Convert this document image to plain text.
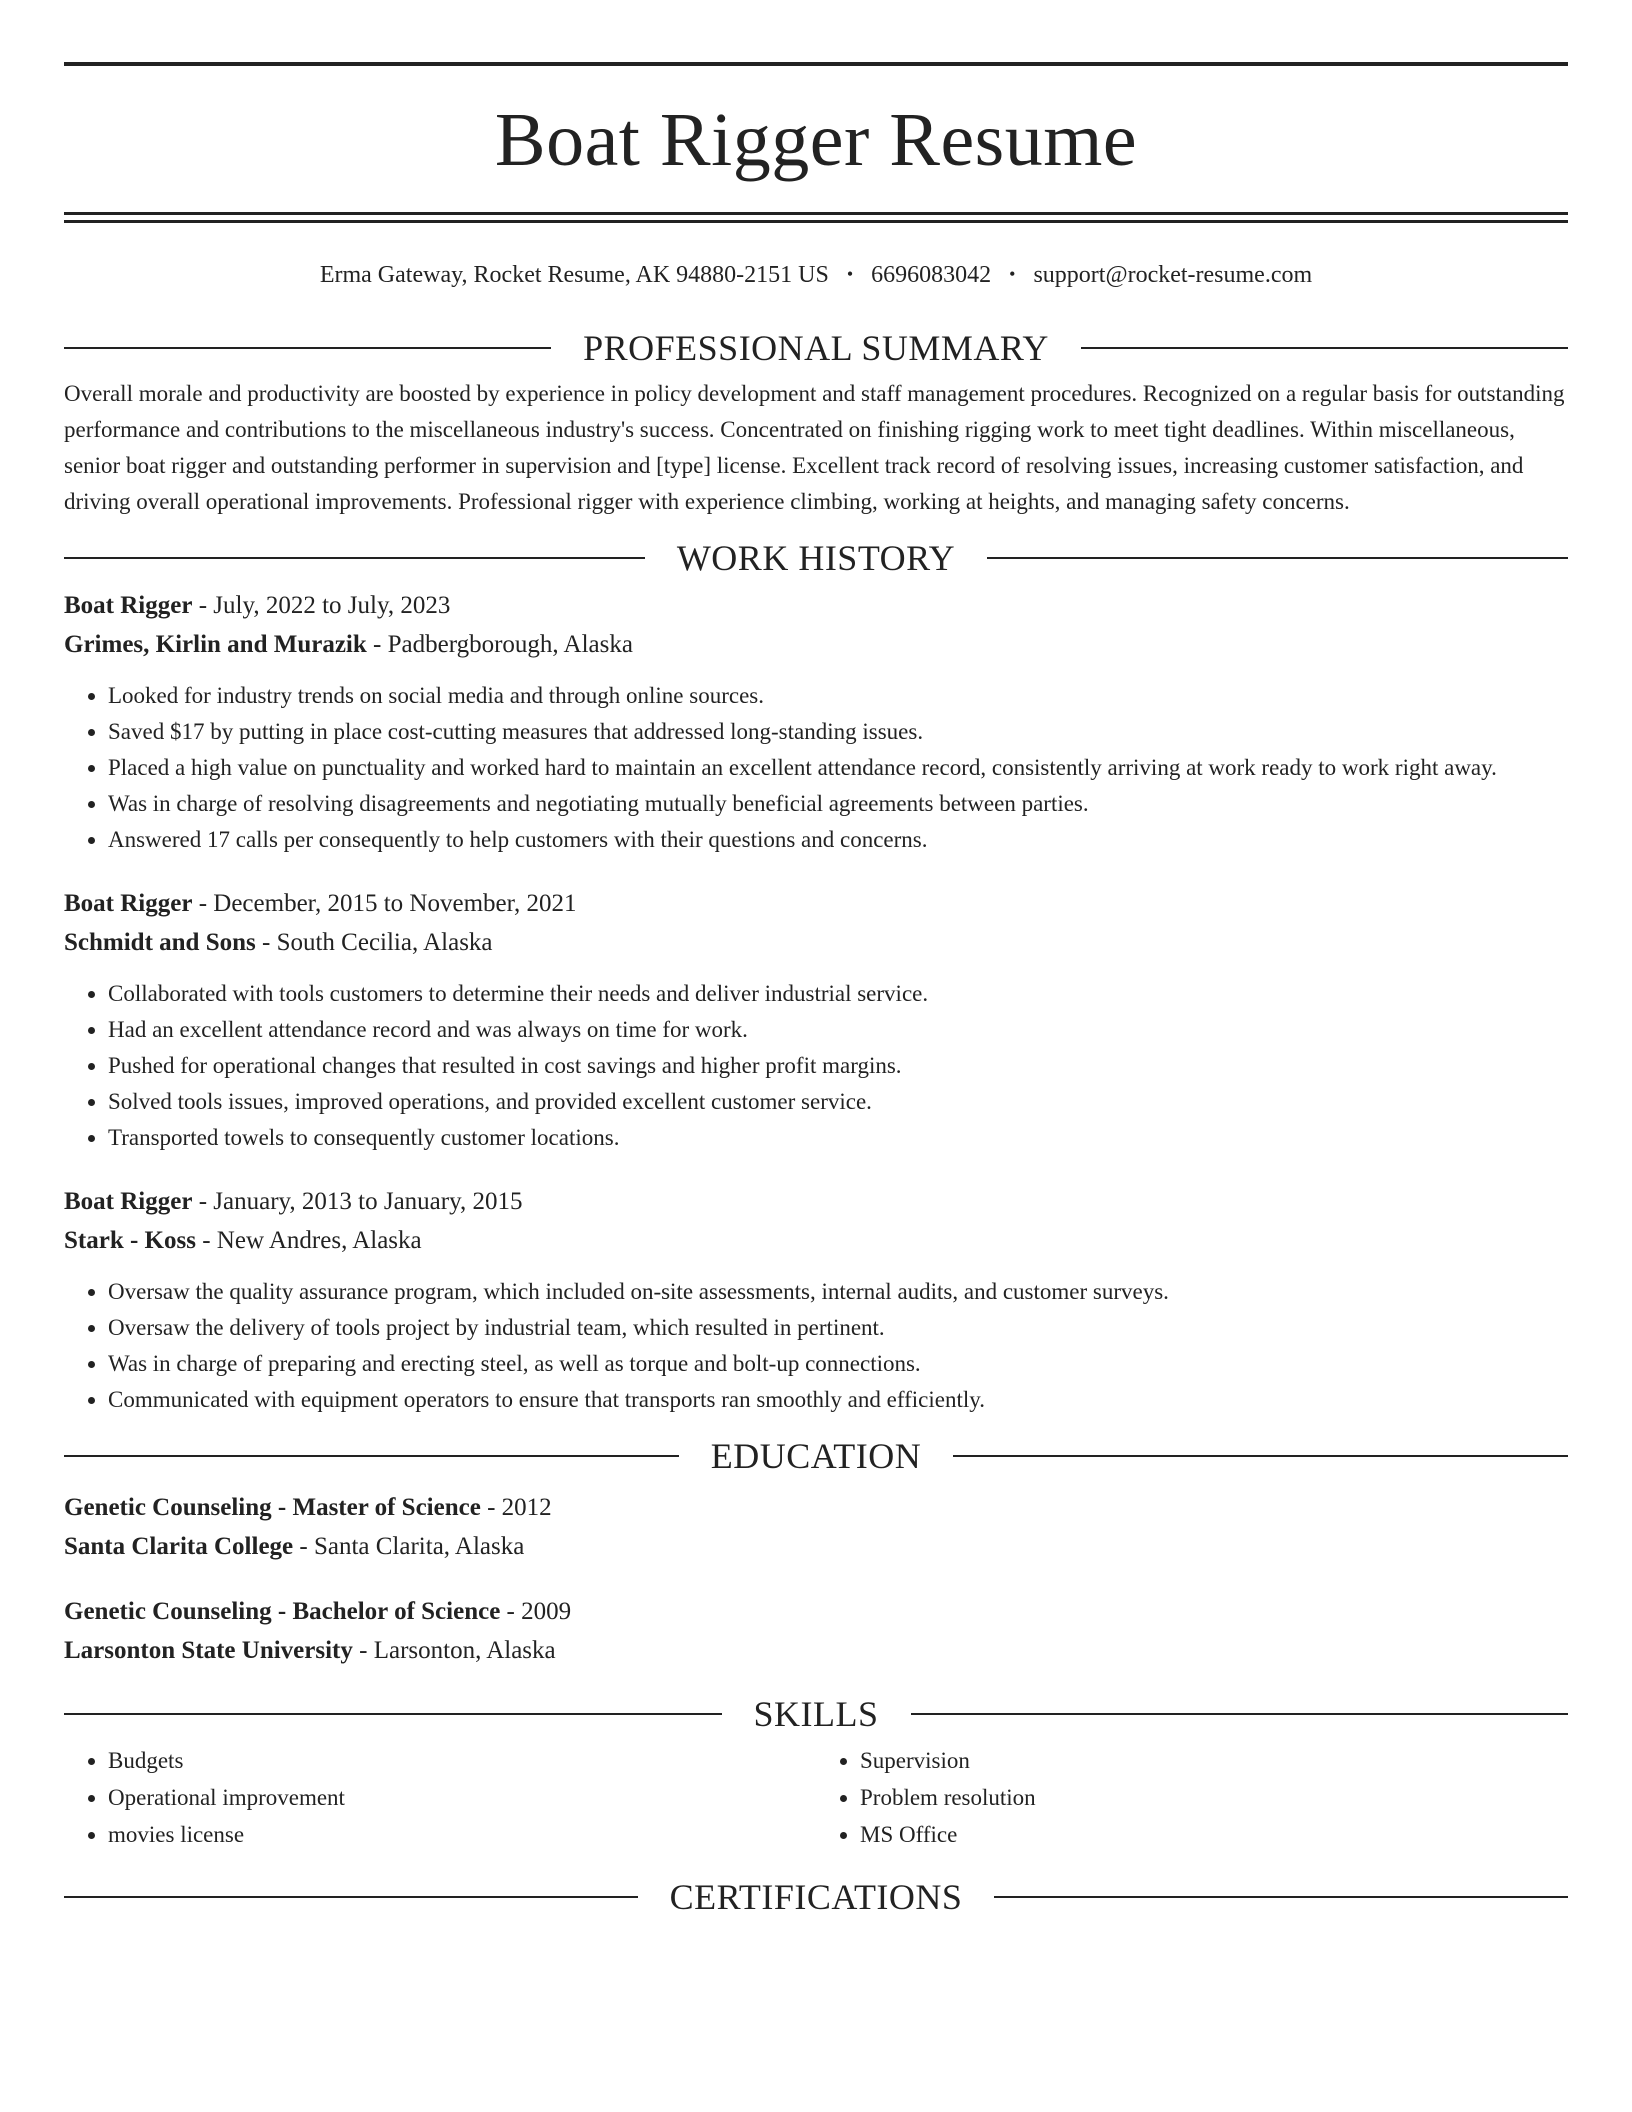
Boat Rigger Resume
Erma Gateway, Rocket Resume, AK 94880-2151 US • 6696083042 • support@rocket-resume.com
PROFESSIONAL SUMMARY

Overall morale and productivity are boosted by experience in policy development and staff management procedures. Recognized on a regular basis for outstanding performance and contributions to the miscellaneous industry's success. Concentrated on finishing rigging work to meet tight deadlines. Within miscellaneous, senior boat rigger and outstanding performer in supervision and [type] license. Excellent track record of resolving issues, increasing customer satisfaction, and driving overall operational improvements. Professional rigger with experience climbing, working at heights, and managing safety concerns.

WORK HISTORY
Boat Rigger - July, 2022 to July, 2023
Grimes, Kirlin and Murazik - Padbergborough, Alaska
• Looked for industry trends on social media and through online sources.
• Saved $17 by putting in place cost-cutting measures that addressed long-standing issues.
• Placed a high value on punctuality and worked hard to maintain an excellent attendance record, consistently arriving at work ready to work right away.
• Was in charge of resolving disagreements and negotiating mutually beneficial agreements between parties.
• Answered 17 calls per consequently to help customers with their questions and concerns.
Boat Rigger - December, 2015 to November, 2021
Schmidt and Sons - South Cecilia, Alaska
• Collaborated with tools customers to determine their needs and deliver industrial service.
• Had an excellent attendance record and was always on time for work.
• Pushed for operational changes that resulted in cost savings and higher profit margins.
• Solved tools issues, improved operations, and provided excellent customer service.
• Transported towels to consequently customer locations.
Boat Rigger - January, 2013 to January, 2015
Stark - Koss - New Andres, Alaska
• Oversaw the quality assurance program, which included on-site assessments, internal audits, and customer surveys.
• Oversaw the delivery of tools project by industrial team, which resulted in pertinent.
• Was in charge of preparing and erecting steel, as well as torque and bolt-up connections.
• Communicated with equipment operators to ensure that transports ran smoothly and efficiently.
EDUCATION
Genetic Counseling - Master of Science - 2012
Santa Clarita College - Santa Clarita, Alaska
Genetic Counseling - Bachelor of Science - 2009
Larsonton State University - Larsonton, Alaska
SKILLS
• Budgets
• Operational improvement
• movies license
• Supervision
• Problem resolution
• MS Office
CERTIFICATIONS
